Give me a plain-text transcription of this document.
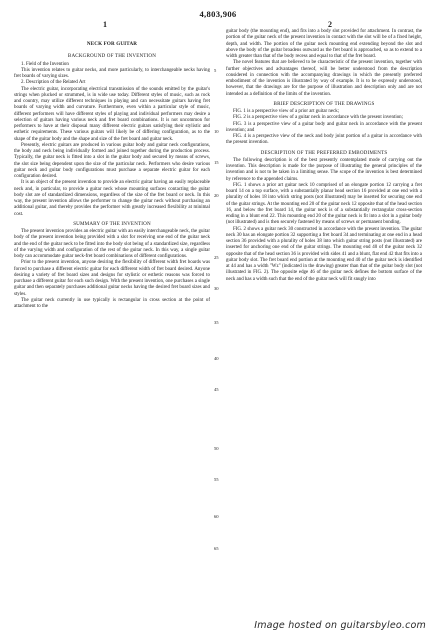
4,803,906
1	2
NECK FOR GUITAR
BACKGROUND OF THE INVENTION

1. Field of the Invention

This invention relates to guitar necks, and more particularly, to interchangeable necks having fret boards of varying sizes.

2. Description of the Related Art

The electric guitar, incorporating electrical transmission of the sounds emitted by the guitar's strings when plucked or strummed, is in wide use today. Different styles of music, such as rock and country, may utilize different techniques in playing and can necessitate guitars having fret boards of varying width and curvature. Furthermore, even within a particular style of music, different performers will have different styles of playing and individual performers may desire a selection of guitars having various neck and fret board combinations. It is not uncommon for performers to have at their disposal many different electric guitars satisfying their stylistic and esthetic requirements. These various guitars will likely be of differing configuration, as to the shape of the guitar body and the shape and size of the fret board and guitar neck.

Presently, electric guitars are produced in various guitar body and guitar neck configurations, the body and neck being individually formed and joined together during the production process. Typically, the guitar neck is fitted into a slot in the guitar body and secured by means of screws, the slot size being dependent upon the size of the particular neck. Performers who desire various guitar neck and guitar body configurations must purchase a separate electric guitar for each configuration desired.

It is an object of the present invention to provide an electric guitar having an easily replaceable neck and, in particular, to provide a guitar neck whose mounting surfaces contacting the guitar body slot are of standardized dimensions, regardless of the size of the fret board or neck. In this way, the present invention allows the performer to change the guitar neck without purchasing an additional guitar, and thereby provides the performer with greatly increased flexibility at minimal cost.

SUMMARY OF THE INVENTION

The present invention provides an electric guitar with an easily interchangeable neck, the guitar body of the present invention being provided with a slot for receiving one end of the guitar neck and the end of the guitar neck to be fitted into the body slot being of a standardized size, regardless of the varying width and configuration of the rest of the guitar neck. In this way, a single guitar body can accommodate guitar neck-fret board combinations of different configurations.

Prior to the present invention, anyone desiring the flexibility of different width fret boards was forced to purchase a different electric guitar for each different width of fret board desired. Anyone desiring a variety of fret board sizes and designs for stylistic or esthetic reasons was forced to purchase a different guitar for each such design. With the present invention, one purchases a single guitar and then separately purchases additional guitar necks having the desired fret board sizes and styles.

The guitar neck currently in use typically is rectangular in cross section at the point of attachment to the

5
10
15
20
25
30
35
40
45
50
55
60
65

guitar body (the mounting end), and fits into a body slot provided for attachment. In contrast, the portion of the guitar neck of the present invention in contact with the slot will be of a fixed height, depth, and width. The portion of the guitar neck mounting end extending beyond the slot and above the body of the guitar broadens outward as the fret board is approached, so as to extend to a width greater than that of the body recess and equal to that of the fret board.

The novel features that are believed to be characteristic of the present invention, together with further objectives and advantages thereof, will be better understood from the description considered in connection with the accompanying drawings in which the presently preferred embodiment of the invention is illustrated by way of example. It is to be expressly understood, however, that the drawings are for the purpose of illustration and description only and are not intended as a definition of the limits of the invention.

BRIEF DESCRIPTION OF THE DRAWINGS

FIG. 1 is a perspective view of a prior art guitar neck;

FIG. 2 is a perspective view of a guitar neck in accordance with the present invention;

FIG. 3 is a perspective view of a guitar body and guitar neck in accordance with the present invention; and

FIG. 4 is a perspective view of the neck and body joint portion of a guitar in accordance with the present invention.

DESCRIPTION OF THE PREFERRED EMBODIMENTS

The following description is of the best presently contemplated mode of carrying out the invention. This description is made for the purpose of illustrating the general principles of the invention and is not to be taken in a limiting sense. The scope of the invention is best determined by reference to the appended claims.

FIG. 1 shows a prior art guitar neck 10 comprised of an elongate portion 12 carrying a fret board 14 on a top surface, with a substantially planar head section 16 provided at one end with a plurality of holes 18 into which string posts (not illustrated) may be inserted for securing one end of the guitar strings. At the mounting end 20 of the guitar neck 12 opposite that of the head section 16, and below the fret board 14, the guitar neck is of a substantially rectangular cross-section ending in a blunt end 22. This mounting end 20 of the guitar neck is fit into a slot in a guitar body (not illustrated) and is then securely fastened by means of screws or permanent bonding.

FIG. 2 shows a guitar neck 30 constructed in accordance with the present invention. The guitar neck 30 has an elongate portion 32 supporting a fret board 34 and terminating at one end in a head section 36 provided with a plurality of holes 38 into which guitar string posts (not illustrated) are inserted for anchoring one end of the guitar strings. The mounting end 40 of the guitar neck 32 opposite that of the head section 36 is provided with sides 41 and a blunt, flat end 42 that fits into a guitar body slot. The fret board end portion at the mounting end 40 of the guitar neck is identified at 44 and has a width "Wz" (indicated in the drawing) greater than that of the guitar body slot (not illustrated in FIG. 2). The opposite edge 46 of the guitar neck defines the bottom surface of the neck and has a width such that the end of the guitar neck will fit snugly into

Image hosted on guitarsbyleo.com
